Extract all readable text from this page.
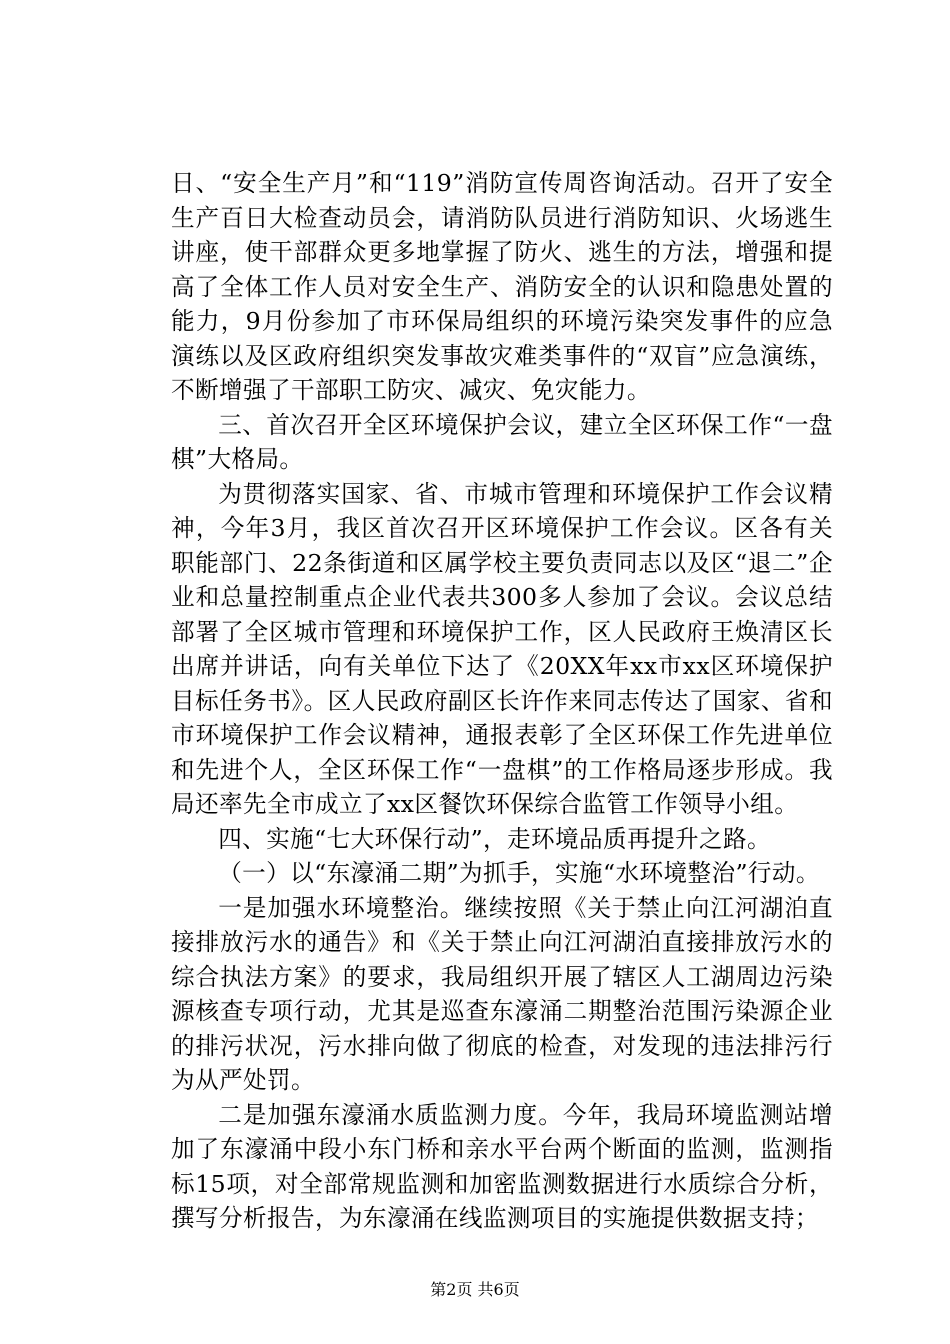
日、“安全生产月”和“119”消防宣传周咨询活动。召开了安全生产百日大检查动员会，请消防队员进行消防知识、火场逃生讲座，使干部群众更多地掌握了防火、逃生的方法，增强和提高了全体工作人员对安全生产、消防安全的认识和隐患处置的能力，9月份参加了市环保局组织的环境污染突发事件的应急演练以及区政府组织突发事故灾难类事件的“双盲”应急演练，不断增强了干部职工防灾、减灾、免灾能力。

三、首次召开全区环境保护会议，建立全区环保工作“一盘棋”大格局。

为贯彻落实国家、省、市城市管理和环境保护工作会议精神，今年3月，我区首次召开区环境保护工作会议。区各有关职能部门、22条街道和区属学校主要负责同志以及区“退二”企业和总量控制重点企业代表共300多人参加了会议。会议总结部署了全区城市管理和环境保护工作，区人民政府王焕清区长出席并讲话，向有关单位下达了《20XX年xx市xx区环境保护目标任务书》。区人民政府副区长许作来同志传达了国家、省和市环境保护工作会议精神，通报表彰了全区环保工作先进单位和先进个人，全区环保工作“一盘棋”的工作格局逐步形成。我局还率先全市成立了xx区餐饮环保综合监管工作领导小组。

四、实施“七大环保行动”，走环境品质再提升之路。

（一）以“东濠涌二期”为抓手，实施“水环境整治”行动。

一是加强水环境整治。继续按照《关于禁止向江河湖泊直接排放污水的通告》和《关于禁止向江河湖泊直接排放污水的综合执法方案》的要求，我局组织开展了辖区人工湖周边污染源核查专项行动，尤其是巡查东濠涌二期整治范围污染源企业的排污状况，污水排向做了彻底的检查，对发现的违法排污行为从严处罚。

二是加强东濠涌水质监测力度。今年，我局环境监测站增加了东濠涌中段小东门桥和亲水平台两个断面的监测，监测指标15项，对全部常规监测和加密监测数据进行水质综合分析，撰写分析报告，为东濠涌在线监测项目的实施提供数据支持；

第2页 共6页
